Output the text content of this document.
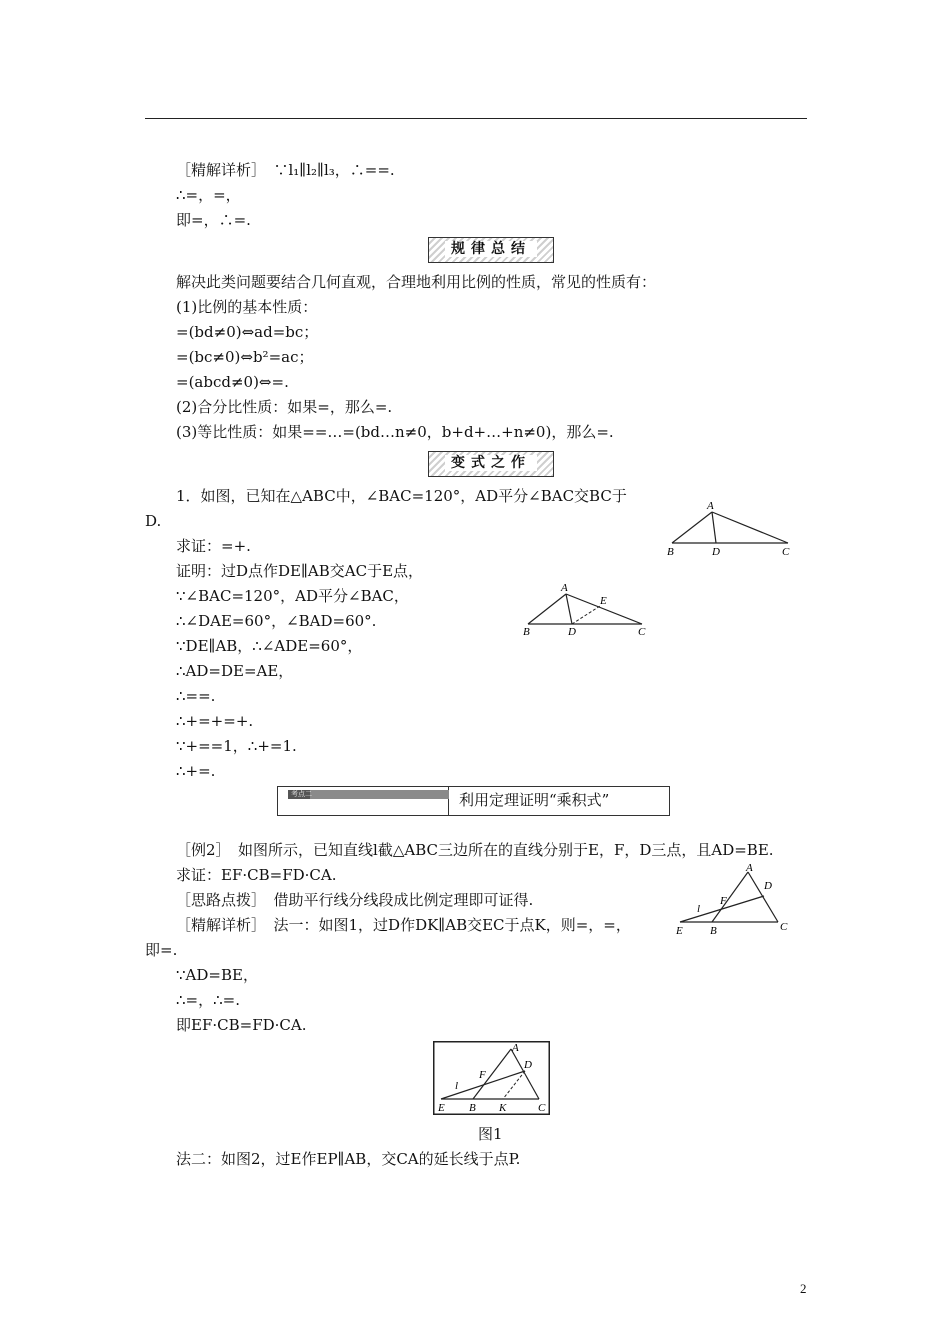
［精解详析］　∵l₁∥l₂∥l₃，∴==.
∴=，=，
即=，∴=.
规律总结
解决此类问题要结合几何直观，合理地利用比例的性质，常见的性质有：
(1)比例的基本性质：
=(bd≠0)⇔ad=bc；
=(bc≠0)⇔b²=ac；
=(abcd≠0)⇔=.
(2)合分比性质：如果=，那么=.
(3)等比性质：如果==…=(bd…n≠0，b+d+…+n≠0)，那么=.
变式之作
1．如图，已知在△ABC中，∠BAC=120°，AD平分∠BAC交BC于
D.
求证：=+.
证明：过D点作DE∥AB交AC于E点，
∵∠BAC=120°，AD平分∠BAC，
∴∠DAE=60°，∠BAD=60°.
∵DE∥AB，∴∠ADE=60°，
∴AD=DE=AE，
∴==.
∴+=+=+.
∵+==1，∴+=1.
∴+=.
A
B	D	C
A
E
B	D	C
考点二	利用定理证明“乘积式”
［例2］　如图所示，已知直线l截△ABC三边所在的直线分别于E，F，D三点，且AD=BE.
求证：EF·CB=FD·CA.
［思路点拨］　借助平行线分线段成比例定理即可证得.
［精解详析］　法一：如图1，过D作DK∥AB交EC于点K，则=，=，
即=.
∵AD=BE，
∴=，∴=.
即EF·CB=FD·CA.
A
D
F
l
E B	C
A
D
F
l
E B K	C
图1
法二：如图2，过E作EP∥AB，交CA的延长线于点P.
2
